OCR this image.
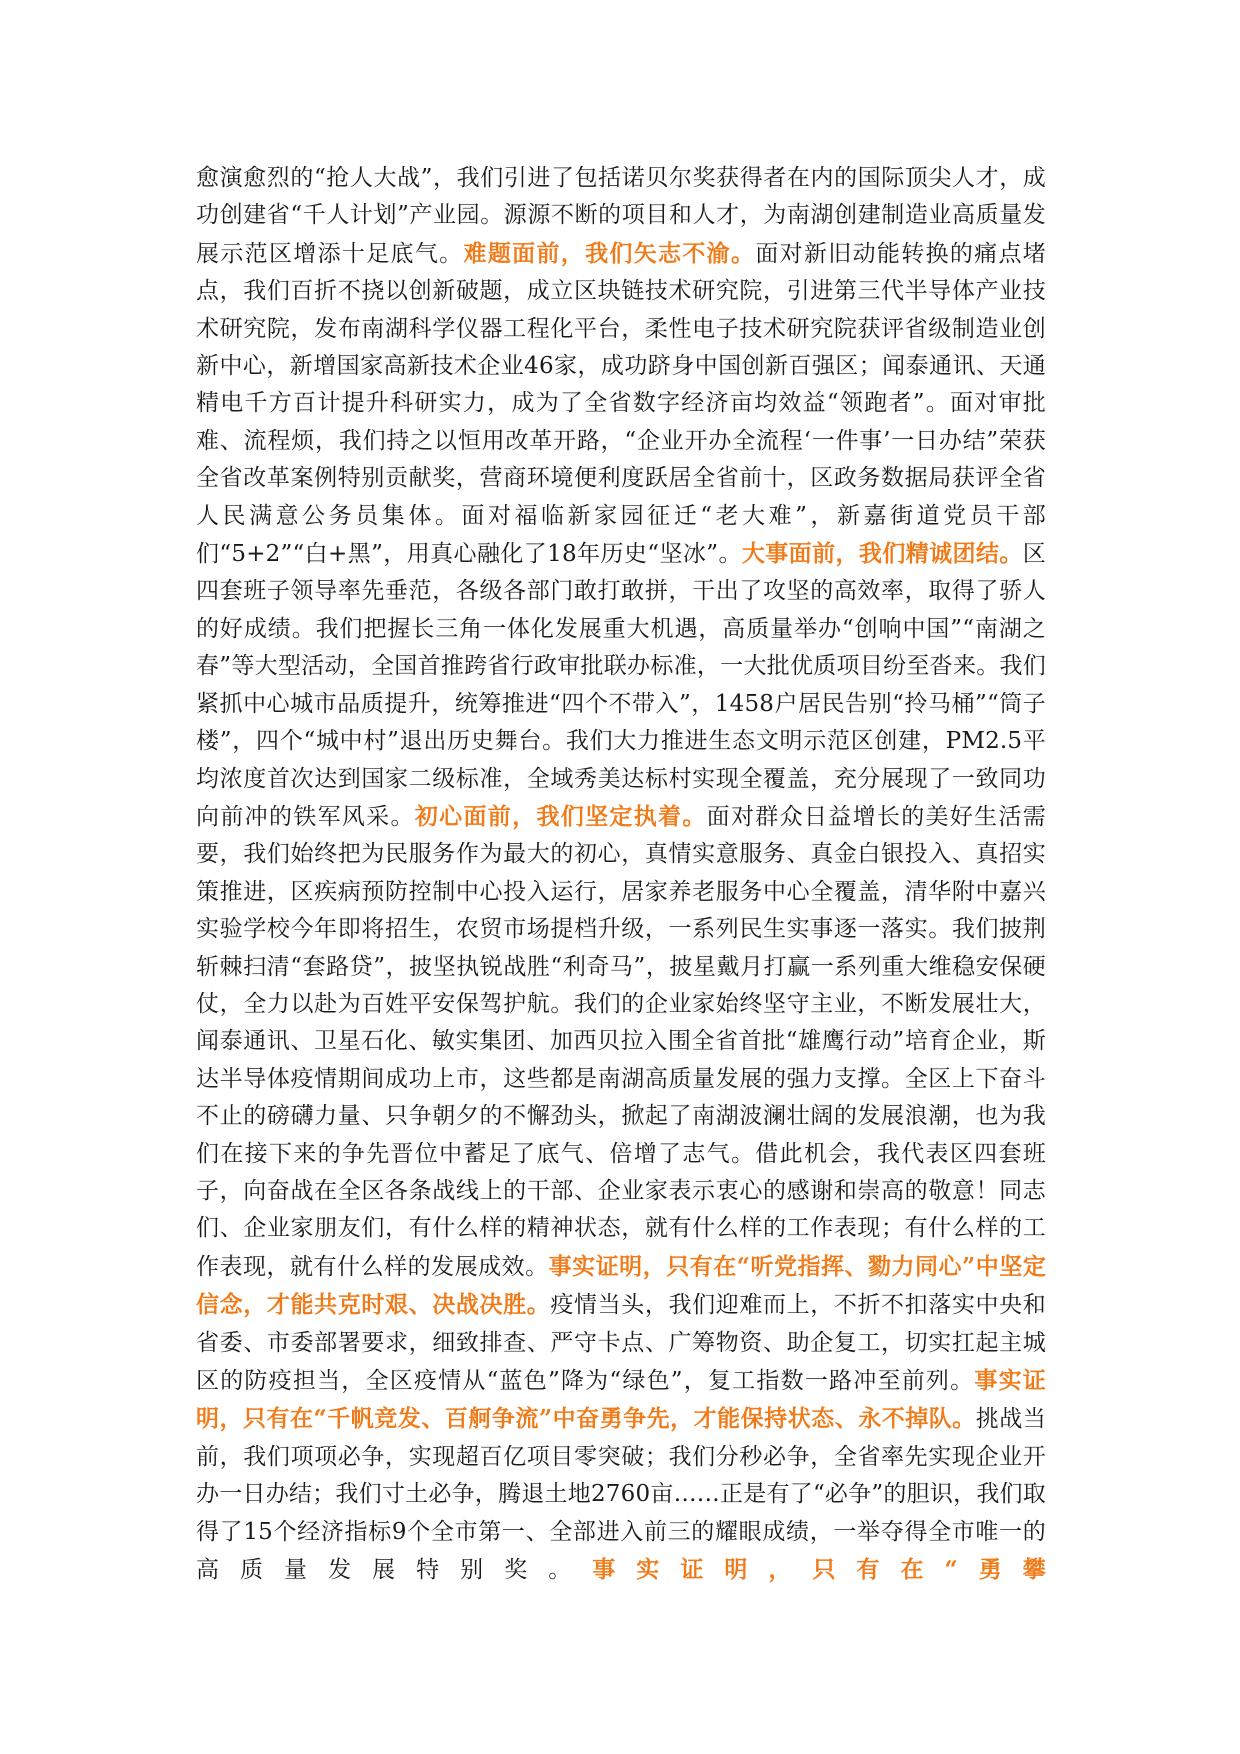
愈演愈烈的“抢人大战”，我们引进了包括诺贝尔奖获得者在内的国际顶尖人才，成功创建省“千人计划”产业园。源源不断的项目和人才，为南湖创建制造业高质量发展示范区增添十足底气。难题面前，我们矢志不渝。面对新旧动能转换的痛点堵点，我们百折不挠以创新破题，成立区块链技术研究院，引进第三代半导体产业技术研究院，发布南湖科学仪器工程化平台，柔性电子技术研究院获评省级制造业创新中心，新增国家高新技术企业46家，成功跻身中国创新百强区；闻泰通讯、天通精电千方百计提升科研实力，成为了全省数字经济亩均效益“领跑者”。面对审批难、流程烦，我们持之以恒用改革开路，“企业开办全流程‘一件事’一日办结”荣获全省改革案例特别贡献奖，营商环境便利度跃居全省前十，区政务数据局获评全省人民满意公务员集体。面对福临新家园征迁“老大难”，新嘉街道党员干部们“5+2”“白+黑”，用真心融化了18年历史“坚冰”。大事面前，我们精诚团结。区四套班子领导率先垂范，各级各部门敢打敢拼，干出了攻坚的高效率，取得了骄人的好成绩。我们把握长三角一体化发展重大机遇，高质量举办“创响中国”“南湖之春”等大型活动，全国首推跨省行政审批联办标准，一大批优质项目纷至沓来。我们紧抓中心城市品质提升，统筹推进“四个不带入”，1458户居民告别“拎马桶”“筒子楼”，四个“城中村”退出历史舞台。我们大力推进生态文明示范区创建，PM2.5平均浓度首次达到国家二级标准，全域秀美达标村实现全覆盖，充分展现了一致同功向前冲的铁军风采。初心面前，我们坚定执着。面对群众日益增长的美好生活需要，我们始终把为民服务作为最大的初心，真情实意服务、真金白银投入、真招实策推进，区疾病预防控制中心投入运行，居家养老服务中心全覆盖，清华附中嘉兴实验学校今年即将招生，农贸市场提档升级，一系列民生实事逐一落实。我们披荆斩棘扫清“套路贷”，披坚执锐战胜“利奇马”，披星戴月打赢一系列重大维稳安保硬仗，全力以赴为百姓平安保驾护航。我们的企业家始终坚守主业，不断发展壮大，闻泰通讯、卫星石化、敏实集团、加西贝拉入围全省首批“雄鹰行动”培育企业，斯达半导体疫情期间成功上市，这些都是南湖高质量发展的强力支撑。全区上下奋斗不止的磅礴力量、只争朝夕的不懈劲头，掀起了南湖波澜壮阔的发展浪潮，也为我们在接下来的争先晋位中蓄足了底气、倍增了志气。借此机会，我代表区四套班子，向奋战在全区各条战线上的干部、企业家表示衷心的感谢和崇高的敬意！同志们、企业家朋友们，有什么样的精神状态，就有什么样的工作表现；有什么样的工作表现，就有什么样的发展成效。事实证明，只有在“听党指挥、勠力同心”中坚定信念，才能共克时艰、决战决胜。疫情当头，我们迎难而上，不折不扣落实中央和省委、市委部署要求，细致排查、严守卡点、广筹物资、助企复工，切实扛起主城区的防疫担当，全区疫情从“蓝色”降为“绿色”，复工指数一路冲至前列。事实证明，只有在“千帆竞发、百舸争流”中奋勇争先，才能保持状态、永不掉队。挑战当前，我们项项必争，实现超百亿项目零突破；我们分秒必争，全省率先实现企业开办一日办结；我们寸土必争，腾退土地2760亩……正是有了“必争”的胆识，我们取得了15个经济指标9个全市第一、全部进入前三的耀眼成绩，一举夺得全市唯一的高质量发展特别奖。事实证明，只有在“勇攀
